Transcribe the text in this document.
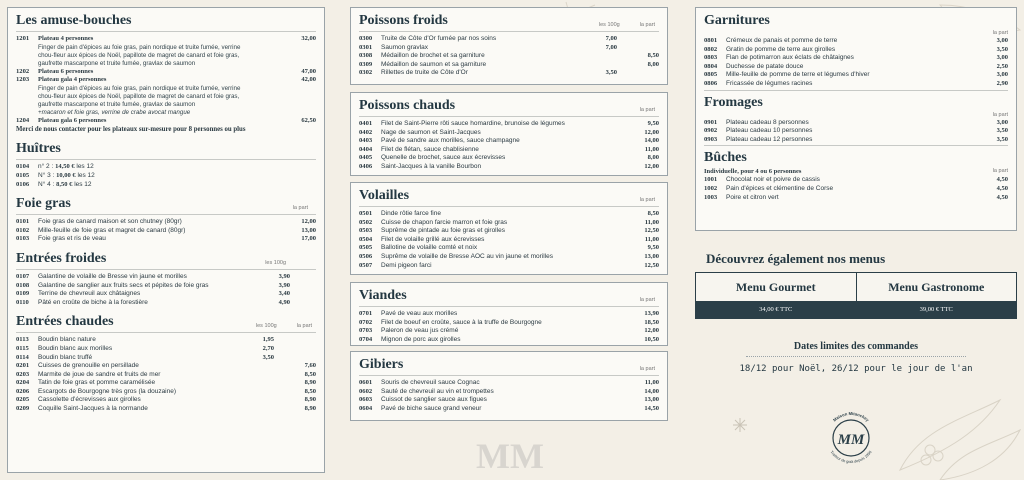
Les amuse-bouches
1201	Plateau 4 personnes	32,00
Finger de pain d'épices au foie gras, pain nordique et truite fumée, verrine
chou-fleur aux épices de Noël, papillote de magret de canard et foie gras,
gaufrette mascarpone et truite fumée, gravlax de saumon
1202	Plateau 6 personnes	47,00
1203	Plateau gala 4 personnes	42,00
Finger de pain d'épices au foie gras, pain nordique et truite fumée, verrine
chou-fleur aux épices de Noël, papillote de magret de canard et foie gras,
gaufrette mascarpone et truite fumée, gravlax de saumon
+macaron et foie gras, verrine de crabe avocat mangue
1204	Plateau gala 6 personnes	62,50
Merci de nous contacter pour les plateaux sur-mesure pour 8 personnes ou plus
Huîtres
0104	n° 2 : 14,50 € les 12
0105	N° 3 : 10,00 € les 12
0106	N° 4 : 8,50 € les 12
Foie gras	la part
0101	Foie gras de canard maison et son chutney (80gr)	12,00
0102	Mille-feuille de foie gras et magret de canard (80gr)	13,00
0103	Foie gras et ris de veau	17,00
Entrées froides	les 100g
0107	Galantine de volaille de Bresse vin jaune et morilles	3,90
0108	Galantine de sanglier aux fruits secs et pépites de foie gras	3,90
0109	Terrine de chevreuil aux châtaignes	3,40
0110	Pâté en croûte de biche à la forestière	4,90
Entrées chaudes	les 100g	la part
0113	Boudin blanc nature	1,95
0115	Boudin blanc aux morilles	2,70
0114	Boudin blanc truffé	3,50
0201	Cuisses de grenouille en persillade	7,60
0203	Marmite de joue de sandre et fruits de mer	8,50
0204	Tatin de foie gras et pomme caramélisée	8,90
0206	Escargots de Bourgogne très gros (la douzaine)	8,50
0205	Cassolette d'écrevisses aux girolles	8,90
0209	Coquille Saint-Jacques à la normande	8,90
Poissons froids	les 100g	la part
0300	Truite de Côte d'Or fumée par nos soins	7,00
0301	Saumon gravlax	7,00
0308	Médaillon de brochet et sa garniture	8,50
0309	Médaillon de saumon et sa garniture	8,00
0302	Rillettes de truite de Côte d'Or	3,50
Poissons chauds	la part
0401	Filet de Saint-Pierre rôti sauce homardine, brunoise de légumes	9,50
0402	Nage de saumon et Saint-Jacques	12,00
0403	Pavé de sandre aux morilles, sauce champagne	14,00
0404	Filet de flétan, sauce chablisienne	11,00
0405	Quenelle de brochet, sauce aux écrevisses	8,00
0406	Saint-Jacques à la vanille Bourbon	12,00
Volailles	la part
0501	Dinde rôtie farce fine	8,50
0502	Cuisse de chapon farcie marron et foie gras	11,00
0503	Suprême de pintade au foie gras et girolles	12,50
0504	Filet de volaille grillé aux écrevisses	11,00
0505	Ballotine de volaille comté et noix	9,50
0506	Suprême de volaille de Bresse AOC au vin jaune et morilles	13,00
0507	Demi pigeon farci	12,50
Viandes	la part
0701	Pavé de veau aux morilles	13,90
0702	Filet de boeuf en croûte, sauce à la truffe de Bourgogne	18,50
0703	Paleron de veau jus crémé	12,00
0704	Mignon de porc aux girolles	10,50
Gibiers	la part
0601	Souris de chevreuil sauce Cognac	11,00
0602	Sauté de chevreuil au vin et trompettes	14,00
0603	Cuissot de sanglier sauce aux figues	13,00
0604	Pavé de biche sauce grand veneur	14,50
MM
Garnitures
la part
0801	Crémeux de panais et pomme de terre	3,00
0802	Gratin de pomme de terre aux girolles	3,50
0803	Flan de potimarron aux éclats de châtaignes	3,00
0804	Duchesse de patate douce	2,50
0805	Mille-feuille de pomme de terre et légumes d'hiver	3,00
0806	Fricassée de légumes racines	2,90
Fromages
la part
0901	Plateau cadeau 8 personnes	3,00
0902	Plateau cadeau 10 personnes	3,50
0903	Plateau cadeau 12 personnes	3,50
Bûches
Individuelle, pour 4 ou 6 personnes	la part
1001	Chocolat noir et poivre de cassis	4,50
1002	Pain d'épices et clémentine de Corse	4,50
1003	Poire et citron vert	4,50
Découvrez également nos menus
Menu Gourmet
34,00 € TTC
Menu Gastronome
39,00 € TTC
Dates limites des commandes
18/12 pour Noël, 26/12 pour le jour de l'an
MM
Maison Mitanchey
Traiteur de goût depuis 1956
